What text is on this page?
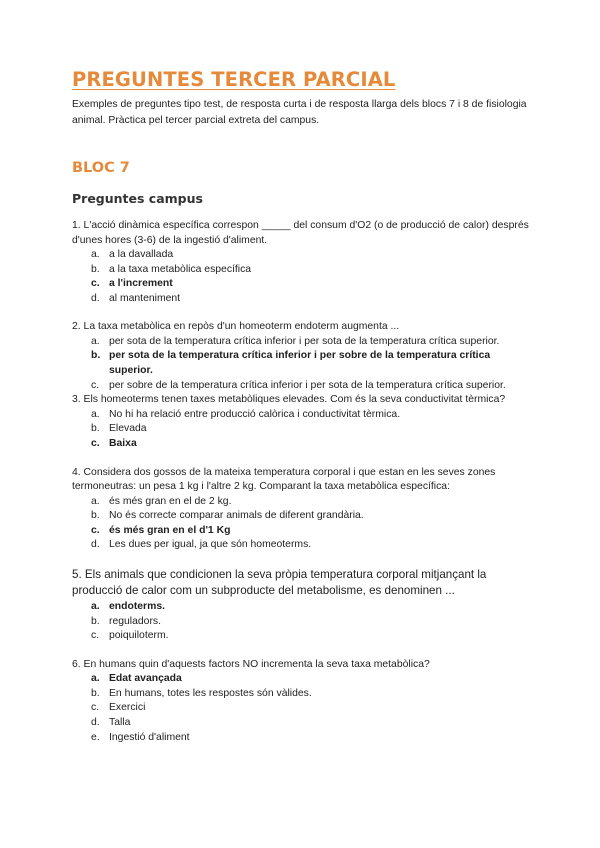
PREGUNTES TERCER PARCIAL

Exemples de preguntes tipo test, de resposta curta i de resposta llarga dels blocs 7 i 8 de fisiologia animal. Pràctica pel tercer parcial extreta del campus.

BLOC 7
Preguntes campus

1. L'acció dinàmica específica correspon _____ del consum d'O2 (o de producció de calor) després d'unes hores (3-6) de la ingestió d'aliment.

a. a la davallada
b. a la taxa metabòlica específica
c. a l'increment
d. al manteniment

2. La taxa metabòlica en repòs d'un homeoterm endoterm augmenta ...

a. per sota de la temperatura crítica inferior i per sota de la temperatura crítica superior.
b. per sota de la temperatura crítica inferior i per sobre de la temperatura crítica superior.
c. per sobre de la temperatura crítica inferior i per sota de la temperatura crítica superior.

3. Els homeoterms tenen taxes metabòliques elevades. Com és la seva conductivitat tèrmica?

a. No hi ha relació entre producció calòrica i conductivitat tèrmica.
b. Elevada
c. Baixa

4. Considera dos gossos de la mateixa temperatura corporal i que estan en les seves zones termoneutras: un pesa 1 kg i l'altre 2 kg. Comparant la taxa metabòlica específica:

a. és més gran en el de 2 kg.
b. No és correcte comparar animals de diferent grandària.
c. és més gran en el d'1 Kg
d. Les dues per igual, ja que són homeoterms.

5. Els animals que condicionen la seva pròpia temperatura corporal mitjançant la producció de calor com un subproducte del metabolisme, es denominen ...

a. endoterms.
b. reguladors.
c. poiquiloterm.

6. En humans quin d'aquests factors NO incrementa la seva taxa metabòlica?

a. Edat avançada
b. En humans, totes les respostes són vàlides.
c. Exercici
d. Talla
e. Ingestió d'aliment
